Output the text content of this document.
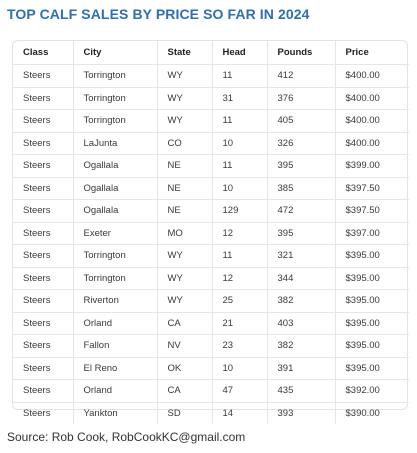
TOP CALF SALES BY PRICE SO FAR IN 2024
Class	City	State	Head	Pounds	Price
Steers	Torrington	WY	11	412	$400.00
Steers	Torrington	WY	31	376	$400.00
Steers	Torrington	WY	11	405	$400.00
Steers	LaJunta	CO	10	326	$400.00
Steers	Ogallala	NE	11	395	$399.00
Steers	Ogallala	NE	10	385	$397.50
Steers	Ogallala	NE	129	472	$397.50
Steers	Exeter	MO	12	395	$397.00
Steers	Torrington	WY	11	321	$395.00
Steers	Torrington	WY	12	344	$395.00
Steers	Riverton	WY	25	382	$395.00
Steers	Orland	CA	21	403	$395.00
Steers	Fallon	NV	23	382	$395.00
Steers	El Reno	OK	10	391	$395.00
Steers	Orland	CA	47	435	$392.00
Steers	Yankton	SD	14	393	$390.00
Source: Rob Cook, RobCookKC@gmail.com
